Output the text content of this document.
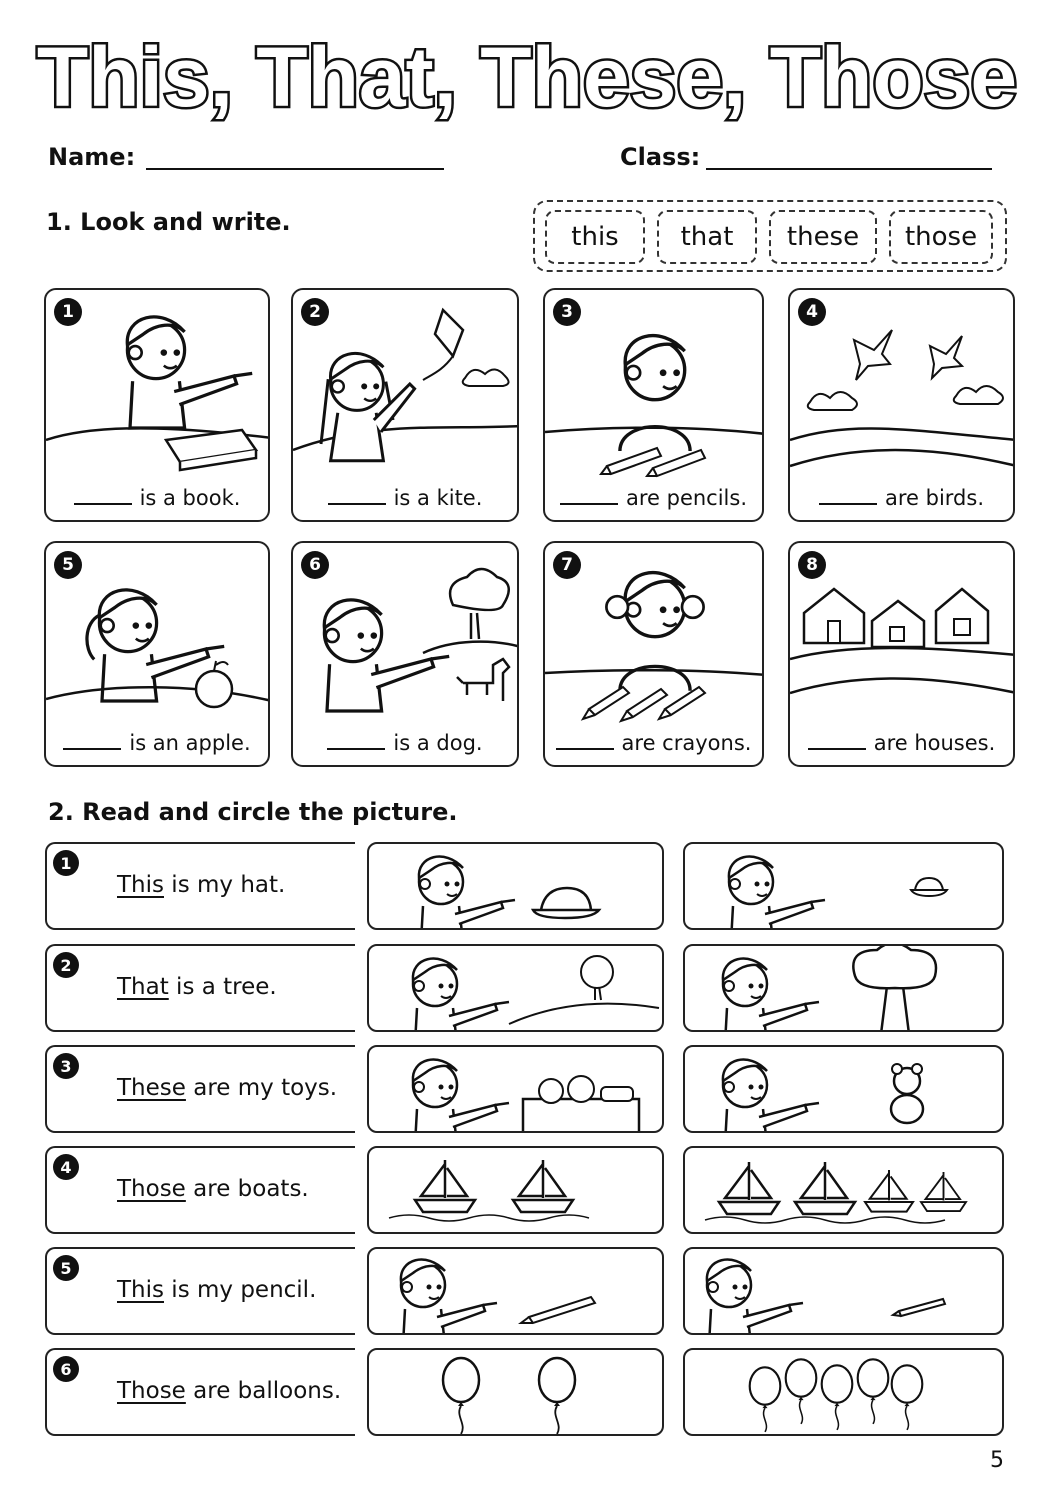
This, That, These, Those
Name:	Class:
1. Look and write.	this	that	these	those
1
is a book.
2
is a kite.
3
are pencils.
4
are birds.
5
is an apple.
6
is a dog.
7
are crayons.
8
are houses.
2. Read and circle the picture.
1
This is my hat.
2
That is a tree.
3
These are my toys.
4
Those are boats.
5
This is my pencil.
6
Those are balloons.
5
